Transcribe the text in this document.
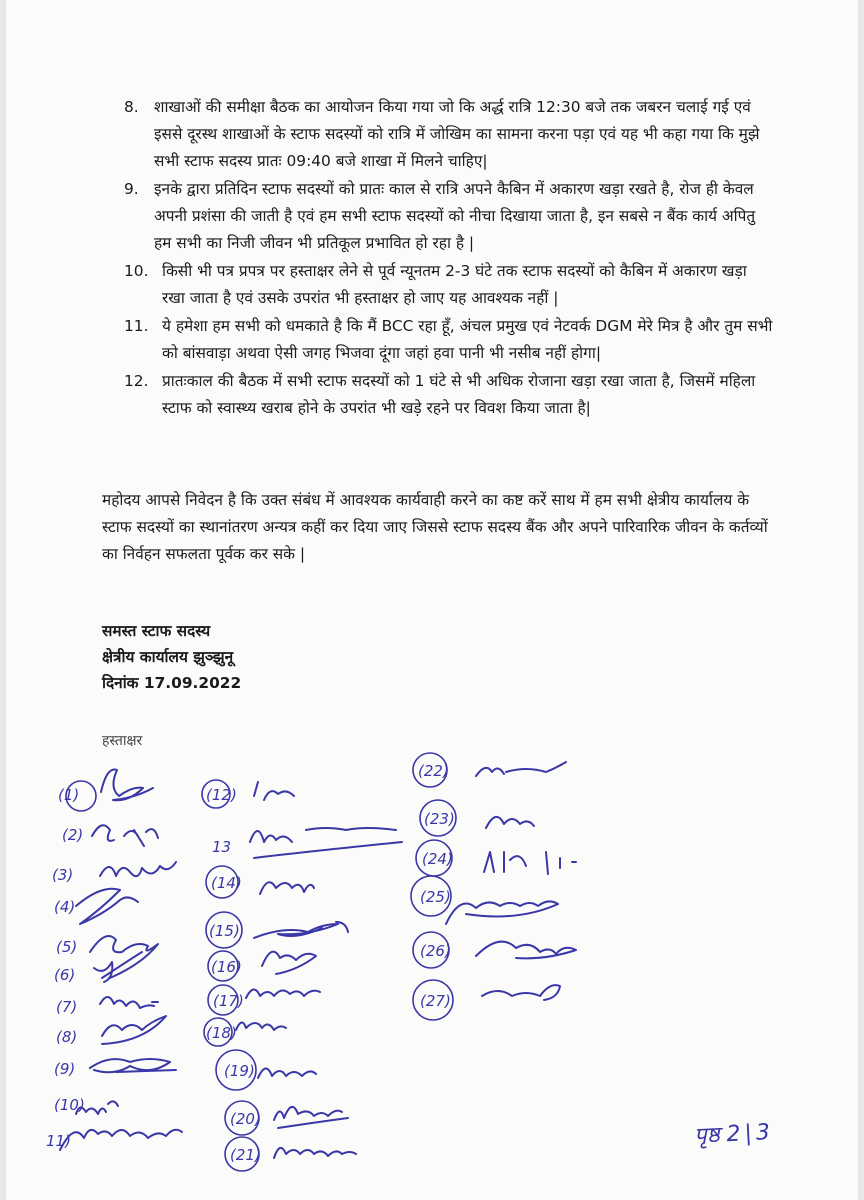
8. शाखाओं की समीक्षा बैठक का आयोजन किया गया जो कि अर्द्ध रात्रि 12:30 बजे तक जबरन चलाई गई एवं इससे दूरस्थ शाखाओं के स्टाफ सदस्यों को रात्रि में जोखिम का सामना करना पड़ा एवं यह भी कहा गया कि मुझे सभी स्टाफ सदस्य प्रातः 09:40 बजे शाखा में मिलने चाहिए|
9. इनके द्वारा प्रतिदिन स्टाफ सदस्यों को प्रातः काल से रात्रि अपने कैबिन में अकारण खड़ा रखते है, रोज ही केवल अपनी प्रशंसा की जाती है एवं हम सभी स्टाफ सदस्यों को नीचा दिखाया जाता है, इन सबसे न बैंक कार्य अपितु हम सभी का निजी जीवन भी प्रतिकूल प्रभावित हो रहा है |
10. किसी भी पत्र प्रपत्र पर हस्ताक्षर लेने से पूर्व न्यूनतम 2-3 घंटे तक स्टाफ सदस्यों को कैबिन में अकारण खड़ा रखा जाता है एवं उसके उपरांत भी हस्ताक्षर हो जाए यह आवश्यक नहीं |
11. ये हमेशा हम सभी को धमकाते है कि मैं BCC रहा हूँ, अंचल प्रमुख एवं नेटवर्क DGM मेरे मित्र है और तुम सभी को बांसवाड़ा अथवा ऐसी जगह भिजवा दूंगा जहां हवा पानी भी नसीब नहीं होगा|
12. प्रातःकाल की बैठक में सभी स्टाफ सदस्यों को 1 घंटे से भी अधिक रोजाना खड़ा रखा जाता है, जिसमें महिला स्टाफ को स्वास्थ्य खराब होने के उपरांत भी खड़े रहने पर विवश किया जाता है|
महोदय आपसे निवेदन है कि उक्त संबंध में आवश्यक कार्यवाही करने का कष्ट करें साथ में हम सभी क्षेत्रीय कार्यालय के स्टाफ सदस्यों का स्थानांतरण अन्यत्र कहीं कर दिया जाए जिससे स्टाफ सदस्य बैंक और अपने पारिवारिक जीवन के कर्तव्यों का निर्वहन सफलता पूर्वक कर सके |
समस्त स्टाफ सदस्य
क्षेत्रीय कार्यालय झुञ्झुनू
दिनांक 17.09.2022
हस्ताक्षर
(1)
(2)
(3)
(4)
(5)
(6)
(7)
(8)
(9)
(10)
11)
(12)
13
(14)
(15)
(16)
(17)
(18)
(19)
(20)
(21)
(22)
(23)
(24)
(25)
(26)
(27)
पृष्ठ 2 | 3
